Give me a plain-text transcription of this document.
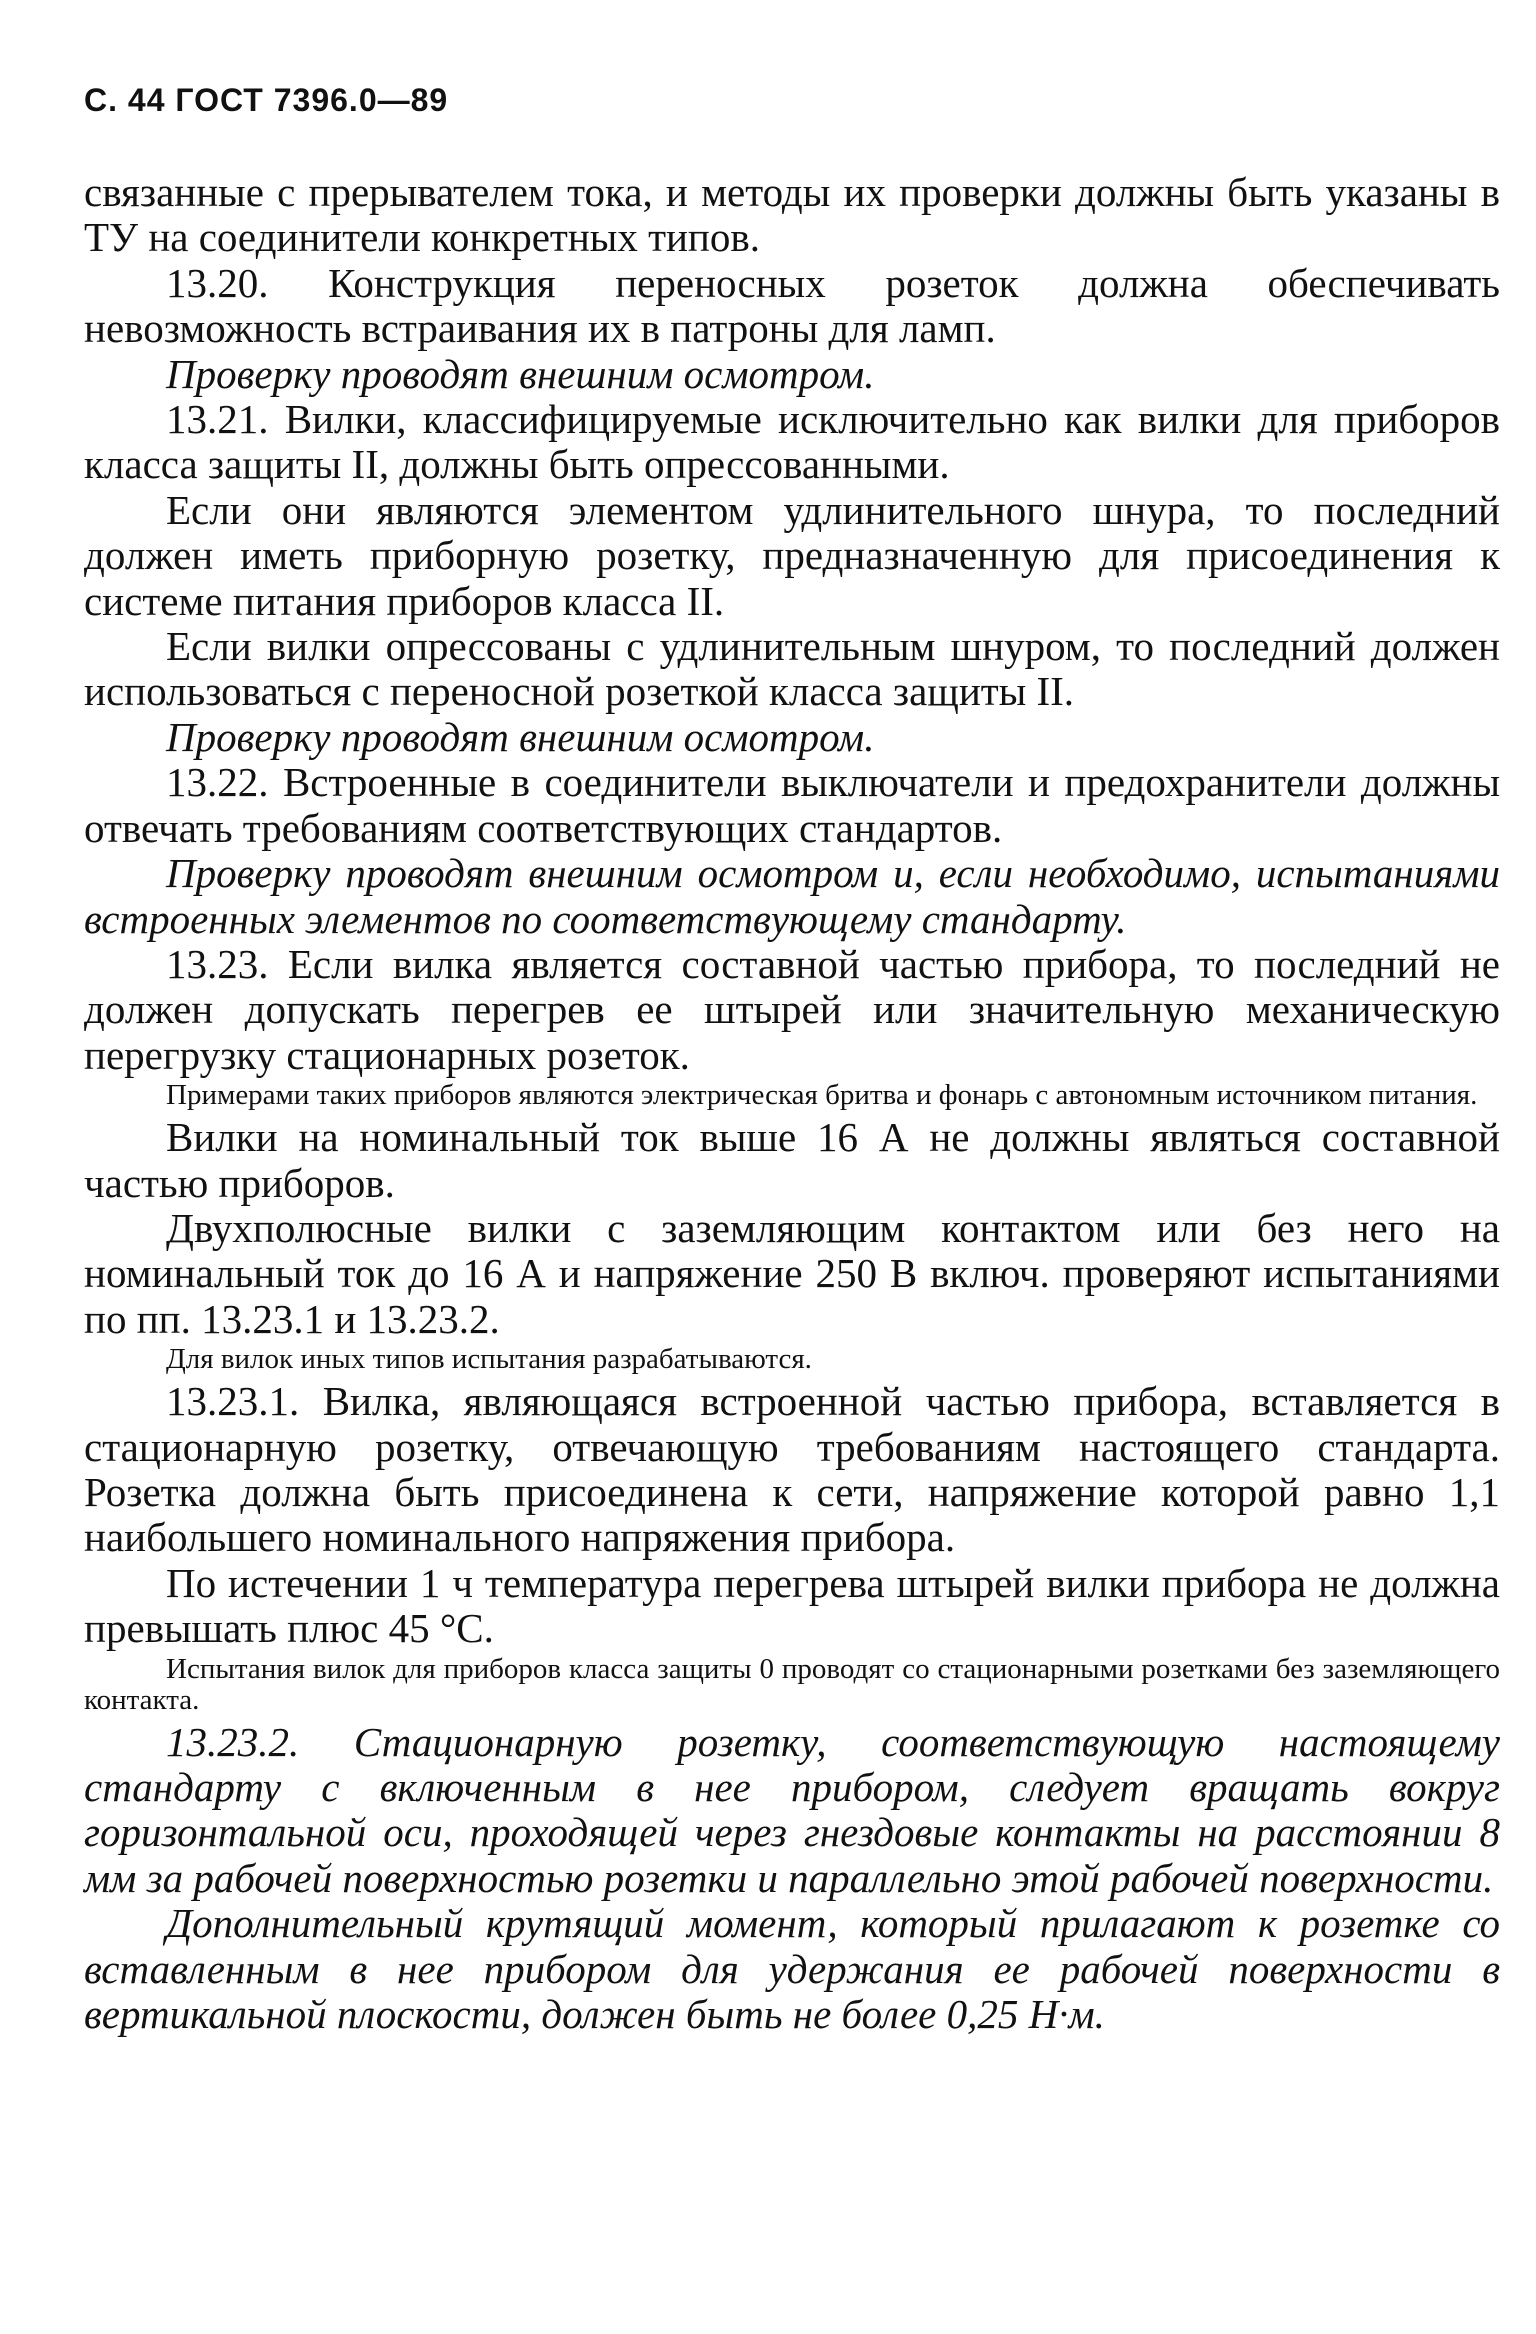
С. 44 ГОСТ 7396.0—89

связанные с прерывателем тока, и методы их проверки должны быть указаны в ТУ на соединители конкретных типов.

13.20. Конструкция переносных розеток должна обеспечивать невозможность встраивания их в патроны для ламп.

Проверку проводят внешним осмотром.

13.21. Вилки, классифицируемые исключительно как вилки для приборов класса защиты II, должны быть опрессованными.

Если они являются элементом удлинительного шнура, то последний должен иметь приборную розетку, предназначенную для присоединения к системе питания приборов класса II.

Если вилки опрессованы с удлинительным шнуром, то последний должен использоваться с переносной розеткой класса защиты II.

Проверку проводят внешним осмотром.

13.22. Встроенные в соединители выключатели и предохранители должны отвечать требованиям соответствующих стандартов.

Проверку проводят внешним осмотром и, если необходимо, испытаниями встроенных элементов по соответствующему стандарту.

13.23. Если вилка является составной частью прибора, то последний не должен допускать перегрев ее штырей или значительную механическую перегрузку стационарных розеток.

Примерами таких приборов являются электрическая бритва и фонарь с автономным источником питания.

Вилки на номинальный ток выше 16 А не должны являться составной частью приборов.

Двухполюсные вилки с заземляющим контактом или без него на номинальный ток до 16 А и напряжение 250 В включ. проверяют испытаниями по пп. 13.23.1 и 13.23.2.

Для вилок иных типов испытания разрабатываются.

13.23.1. Вилка, являющаяся встроенной частью прибора, вставляется в стационарную розетку, отвечающую требованиям настоящего стандарта. Розетка должна быть присоединена к сети, напряжение которой равно 1,1 наибольшего номинального напряжения прибора.

По истечении 1 ч температура перегрева штырей вилки прибора не должна превышать плюс 45 °С.

Испытания вилок для приборов класса защиты 0 проводят со стационарными розетками без заземляющего контакта.

13.23.2. Стационарную розетку, соответствующую настоящему стандарту с включенным в нее прибором, следует вращать вокруг горизонтальной оси, проходящей через гнездовые контакты на расстоянии 8 мм за рабочей поверхностью розетки и параллельно этой рабочей поверхности.

Дополнительный крутящий момент, который прилагают к розетке со вставленным в нее прибором для удержания ее рабочей поверхности в вертикальной плоскости, должен быть не более 0,25 Н·м.
